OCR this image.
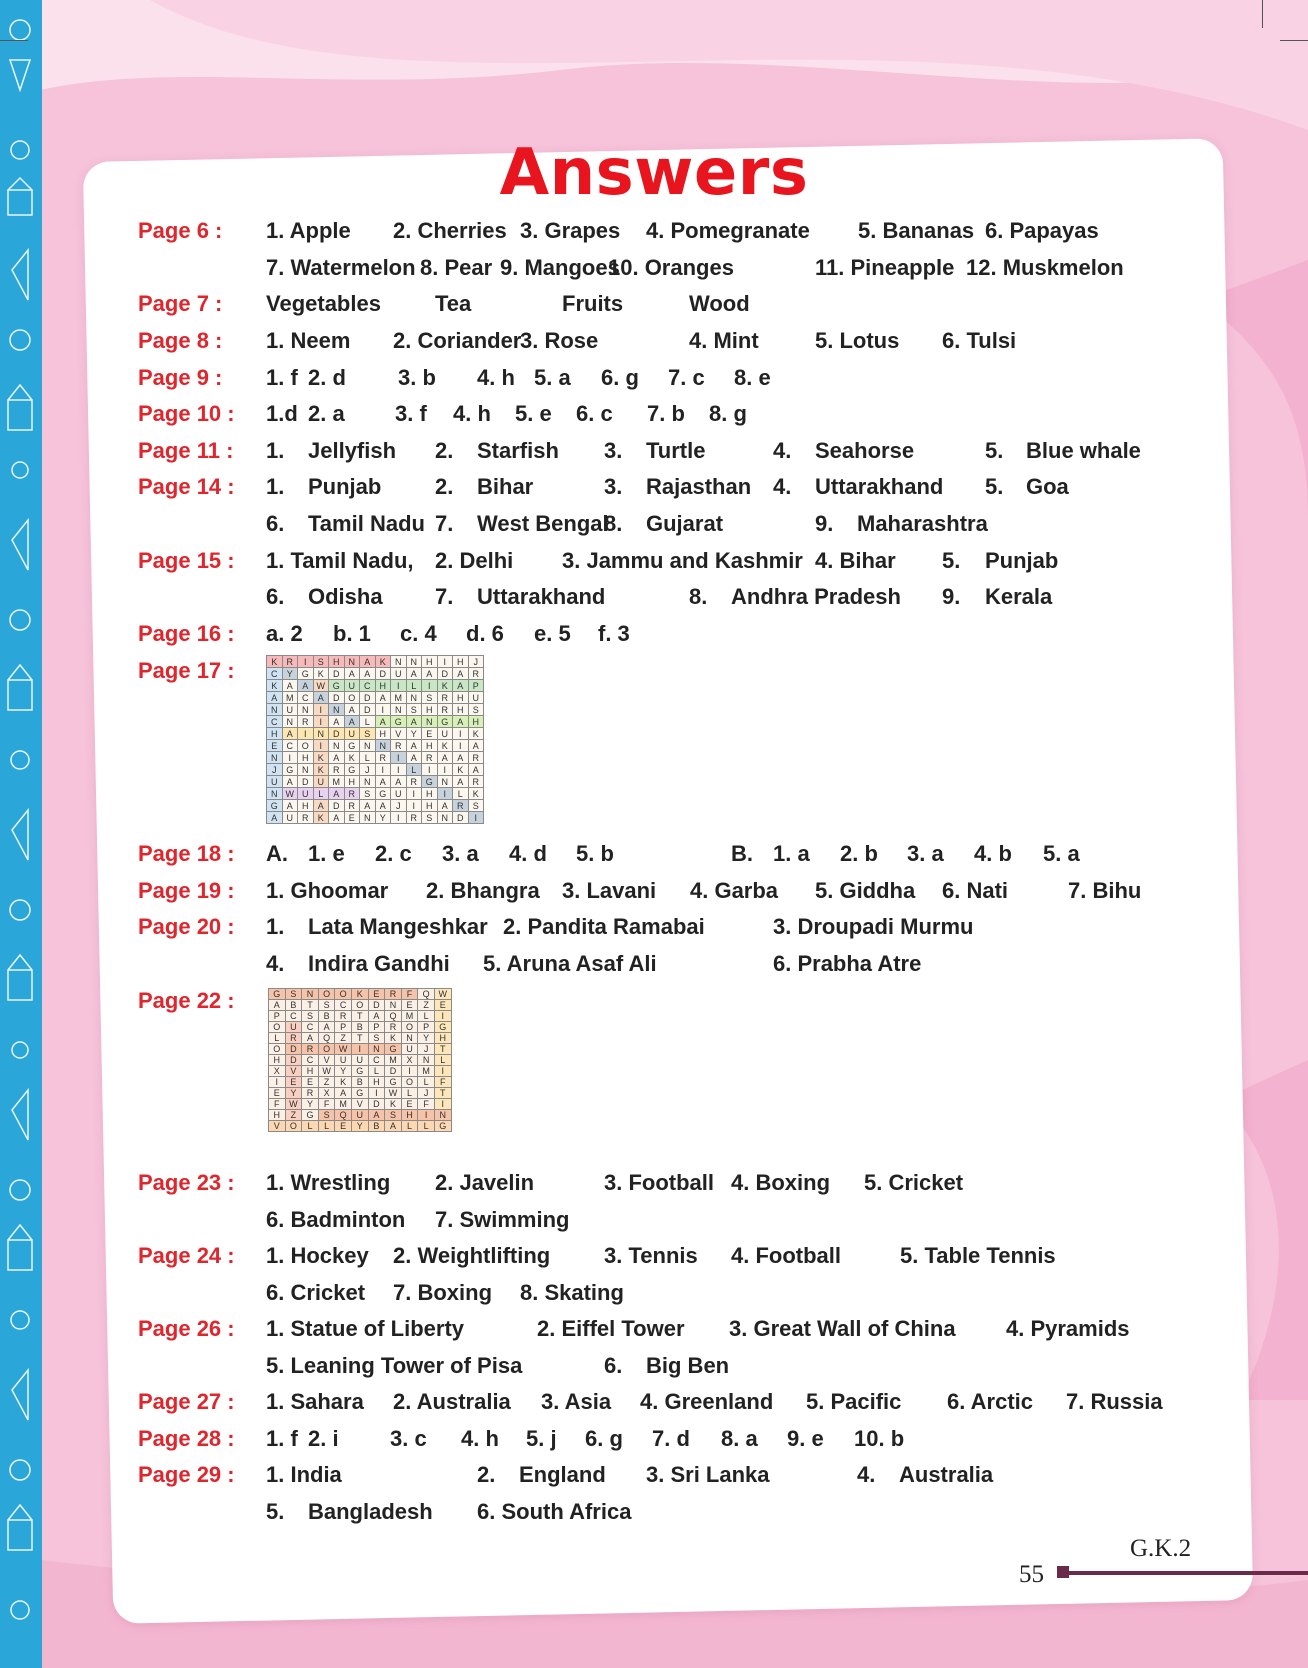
Answers
Page 6 : 1. Apple 2. Cherries 3. Grapes 4. Pomegranate 5. Bananas 6. Papayas
7. Watermelon 8. Pear 9. Mangoes
10. Oranges	11. Pineapple 12. Muskmelon
Page 7 : Vegetables Tea	Fruits	Wood
Page 8 : 1. Neem 2. Coriander
3. Rose	4. Mint	5. Lotus 6. Tulsi
Page 9 : 1. f 2. d 3. b 4. h 5. a 6. g 7. c 8. e
Page 10 : 1.d 2. a 3. f 4. h 5. e 6. c 7. b 8. g
Page 11 : 1. Jellyfish 2. Starfish 3. Turtle	4. Seahorse	5. Blue whale
Page 14 : 1. Punjab 2. Bihar	3. Rajasthan 4. Uttarakhand 5. Goa
6. Tamil Nadu 7. West Bengal
8. Gujarat	9. Maharashtra
Page 15 : 1. Tamil Nadu, 2. Delhi 3. Jammu and Kashmir 4. Bihar 5. Punjab
6. Odisha 7. Uttarakhand	8. Andhra Pradesh 9. Kerala
Page 16 : a. 2 b. 1 c. 4 d. 6 e. 5 f. 3
Page 17 :
Page 18 : A. 1. e 2. c 3. a 4. d 5. b	B. 1. a 2. b 3. a 4. b 5. a
Page 19 : 1. Ghoomar 2. Bhangra 3. Lavani 4. Garba 5. Giddha 6. Nati	7. Bihu
Page 20 : 1. Lata Mangeshkar 2. Pandita Ramabai	3. Droupadi Murmu
4. Indira Gandhi 5. Aruna Asaf Ali	6. Prabha Atre
Page 22 :
Page 23 : 1. Wrestling 2. Javelin	3. Football 4. Boxing 5. Cricket
6. Badminton 7. Swimming
Page 24 : 1. Hockey 2. Weightlifting 3. Tennis 4. Football	5. Table Tennis
6. Cricket 7. Boxing 8. Skating
Page 26 : 1. Statue of Liberty	2. Eiffel Tower 3. Great Wall of China 4. Pyramids
5. Leaning Tower of Pisa	6. Big Ben
Page 27 : 1. Sahara 2. Australia 3. Asia 4. Greenland 5. Pacific 6. Arctic 7. Russia
Page 28 : 1. f 2. i 3. c 4. h 5. j 6. g 7. d 8. a 9. e 10. b
Page 29 : 1. India	2. England 3. Sri Lanka	4. Australia
5. Bangladesh 6. South Africa
K	R	I	S	H	N	A	K	N	N	H	I	H	J
C	Y	G	K	D	A	A	D	U	A	A	D	A	R
K	A	A	W	G	U	C	H	I	L	I	K	A	P
A	M	C	A	D	O	D	A	M	N	S	R	H	U
N	U	N	I	N	A	D	I	N	S	H	R	H	S
C	N	R	I	A	A	L	A	G	A	N	G	A	H
H	A	I	N	D	U	S	H	V	Y	E	U	I	K
E	C	O	I	N	G	N	N	R	A	H	K	I	A
N	I	H	K	A	K	L	R	I	A	R	A	A	R
J	G	N	K	R	G	J	I	I	L	I	I	K	A
U	A	D	U	M	H	N	A	A	R	G	N	A	R
N	W	U	L	A	R	S	G	U	I	H	I	L	K
G	A	H	A	D	R	A	A	J	I	H	A	R	S
A	U	R	K	A	E	N	Y	I	R	S	N	D	I
G	S	N	O	O	K	E	R	F	Q	W
A	B	T	S	C	O	D	N	E	Z	E
P	C	S	B	R	T	A	Q	M	L	I
O	U	C	A	P	B	P	R	O	P	G
L	R	A	Q	Z	T	S	K	N	Y	H
O	D	R	O	W	I	N	G	U	J	T
H	D	C	V	U	U	C	M	X	N	L
X	V	H	W	Y	G	L	D	I	M	I
I	E	E	Z	K	B	H	G	O	L	F
E	Y	R	X	A	G	I	W	L	J	T
F	W	Y	F	M	V	D	K	E	F	I
H	Z	G	S	Q	U	A	S	H	I	N
V	O	L	L	E	Y	B	A	L	L	G
G.K.2
55
